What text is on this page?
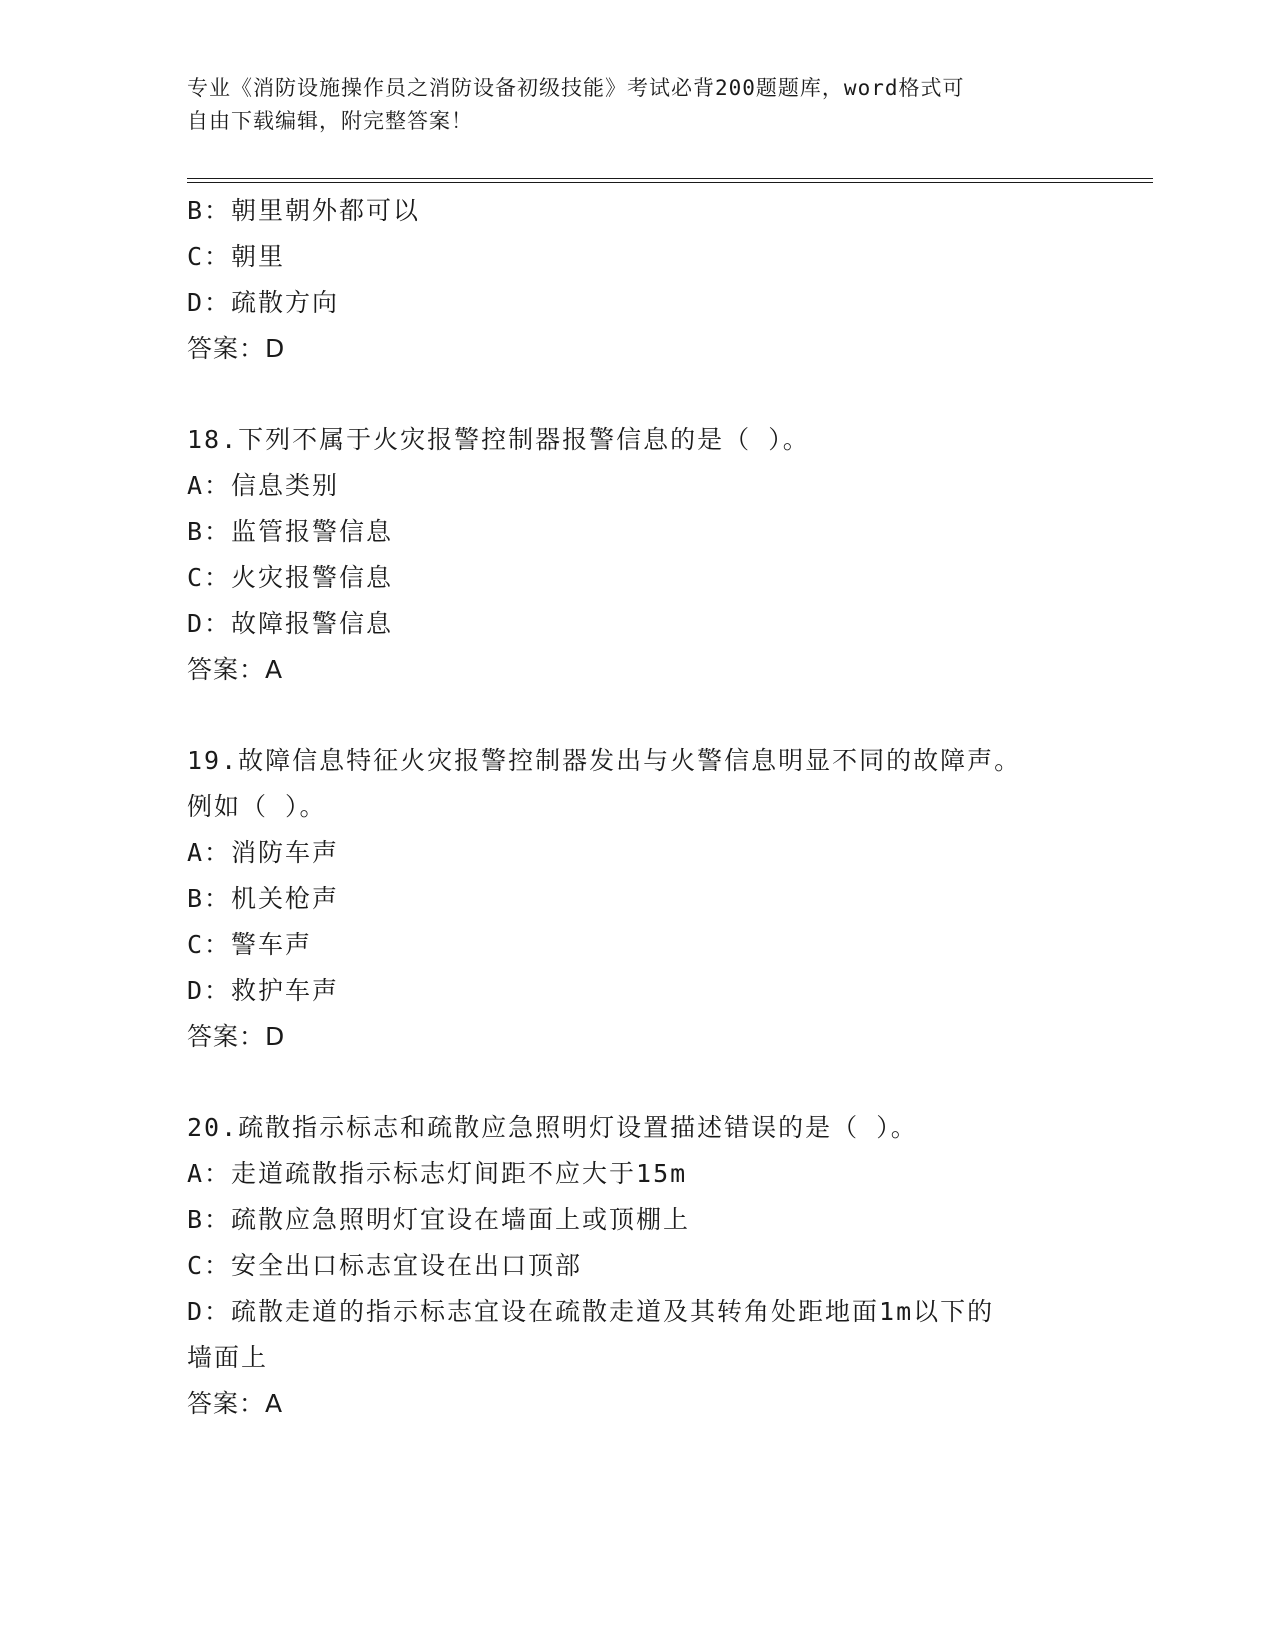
专业《消防设施操作员之消防设备初级技能》考试必背200题题库，word格式可
自由下载编辑，附完整答案！
B：朝里朝外都可以
C：朝里
D：疏散方向
答案：D
18.下列不属于火灾报警控制器报警信息的是（ ）。
A：信息类别
B：监管报警信息
C：火灾报警信息
D：故障报警信息
答案：A
19.故障信息特征火灾报警控制器发出与火警信息明显不同的故障声。
例如（ ）。
A：消防车声
B：机关枪声
C：警车声
D：救护车声
答案：D
20.疏散指示标志和疏散应急照明灯设置描述错误的是（ ）。
A：走道疏散指示标志灯间距不应大于15m
B：疏散应急照明灯宜设在墙面上或顶棚上
C：安全出口标志宜设在出口顶部
D：疏散走道的指示标志宜设在疏散走道及其转角处距地面1m以下的
墙面上
答案：A
